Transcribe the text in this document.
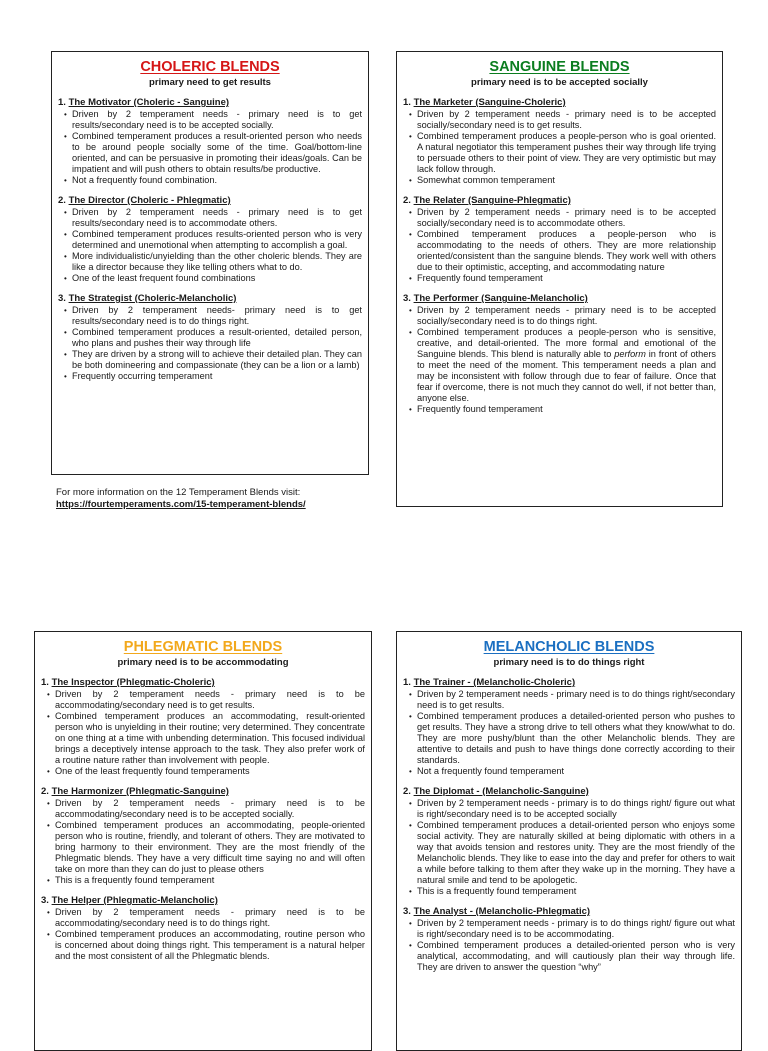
CHOLERIC BLENDS
primary need to get results
1. The Motivator (Choleric - Sanguine)
• Driven by 2 temperament needs - primary need is to get results/secondary need is to be accepted socially.
• Combined temperament produces a result-oriented person who needs to be around people socially some of the time. Goal/bottom-line oriented, and can be persuasive in promoting their ideas/goals. Can be impatient and will push others to obtain results/be productive.
• Not a frequently found combination.
2. The Director (Choleric - Phlegmatic)
• Driven by 2 temperament needs - primary need is to get results/secondary need is to accommodate others.
• Combined temperament produces results-oriented person who is very determined and unemotional when attempting to accomplish a goal.
• More individualistic/unyielding than the other choleric blends. They are like a director because they like telling others what to do.
• One of the least frequent found combinations
3. The Strategist (Choleric-Melancholic)
• Driven by 2 temperament needs- primary need is to get results/secondary need is to do things right.
• Combined temperament produces a result-oriented, detailed person, who plans and pushes their way through life
• They are driven by a strong will to achieve their detailed plan. They can be both domineering and compassionate (they can be a lion or a lamb)
• Frequently occurring temperament
SANGUINE BLENDS
primary need is to be accepted socially
1. The Marketer (Sanguine-Choleric)
• Driven by 2 temperament needs - primary need is to be accepted socially/secondary need is to get results.
• Combined temperament produces a people-person who is goal oriented. A natural negotiator this temperament pushes their way through life trying to persuade others to their point of view. They are very optimistic but may lack follow through.
• Somewhat common temperament
2. The Relater (Sanguine-Phlegmatic)
• Driven by 2 temperament needs - primary need is to be accepted socially/secondary need is to accommodate others.
• Combined temperament produces a people-person who is accommodating to the needs of others. They are more relationship oriented/consistent than the sanguine blends. They work well with others due to their optimistic, accepting, and accommodating nature
• Frequently found temperament
3. The Performer (Sanguine-Melancholic)
• Driven by 2 temperament needs - primary need is to be accepted socially/secondary need is to do things right.
• Combined temperament produces a people-person who is sensitive, creative, and detail-oriented. The more formal and emotional of the Sanguine blends. This blend is naturally able to perform in front of others to meet the need of the moment. This temperament needs a plan and may be inconsistent with follow through due to fear of failure. Once that fear if overcome, there is not much they cannot do well, if not better than, anyone else.
• Frequently found temperament
For more information on the 12 Temperament Blends visit:
https://fourtemperaments.com/15-temperament-blends/
PHLEGMATIC BLENDS
primary need is to be accommodating
1. The Inspector (Phlegmatic-Choleric)
• Driven by 2 temperament needs - primary need is to be accommodating/secondary need is to get results.
• Combined temperament produces an accommodating, result-oriented person who is unyielding in their routine; very determined. They concentrate on one thing at a time with unbending determination. This focused individual brings a deceptively intense approach to the task. They also prefer work of a routine nature rather than involvement with people.
• One of the least frequently found temperaments
2. The Harmonizer (Phlegmatic-Sanguine)
• Driven by 2 temperament needs - primary need is to be accommodating/secondary need is to be accepted socially.
• Combined temperament produces an accommodating, people-oriented person who is routine, friendly, and tolerant of others. They are motivated to bring harmony to their environment. They are the most friendly of the Phlegmatic blends. They have a very difficult time saying no and will often take on more than they can do just to please others
• This is a frequently found temperament
3. The Helper (Phlegmatic-Melancholic)
• Driven by 2 temperament needs - primary need is to be accommodating/secondary need is to do things right.
• Combined temperament produces an accommodating, routine person who is concerned about doing things right. This temperament is a natural helper and the most consistent of all the Phlegmatic blends.
MELANCHOLIC BLENDS
primary need is to do things right
1. The Trainer - (Melancholic-Choleric)
• Driven by 2 temperament needs - primary need is to do things right/secondary need is to get results.
• Combined temperament produces a detailed-oriented person who pushes to get results. They have a strong drive to tell others what they know/what to do. They are more pushy/blunt than the other Melancholic blends. They are attentive to details and push to have things done correctly according to their standards.
• Not a frequently found temperament
2. The Diplomat - (Melancholic-Sanguine)
• Driven by 2 temperament needs - primary is to do things right/ figure out what is right/secondary need is to be accepted socially
• Combined temperament produces a detail-oriented person who enjoys some social activity. They are naturally skilled at being diplomatic with others in a way that avoids tension and restores unity. They are the most friendly of the Melancholic blends. They like to ease into the day and prefer for others to wait a while before talking to them after they wake up in the morning. They have a natural smile and tend to be apologetic.
• This is a frequently found temperament
3. The Analyst - (Melancholic-Phlegmatic)
• Driven by 2 temperament needs - primary is to do things right/ figure out what is right/secondary need is to be accommodating.
• Combined temperament produces a detailed-oriented person who is very analytical, accommodating, and will cautiously plan their way through life. They are driven to answer the question “why”
